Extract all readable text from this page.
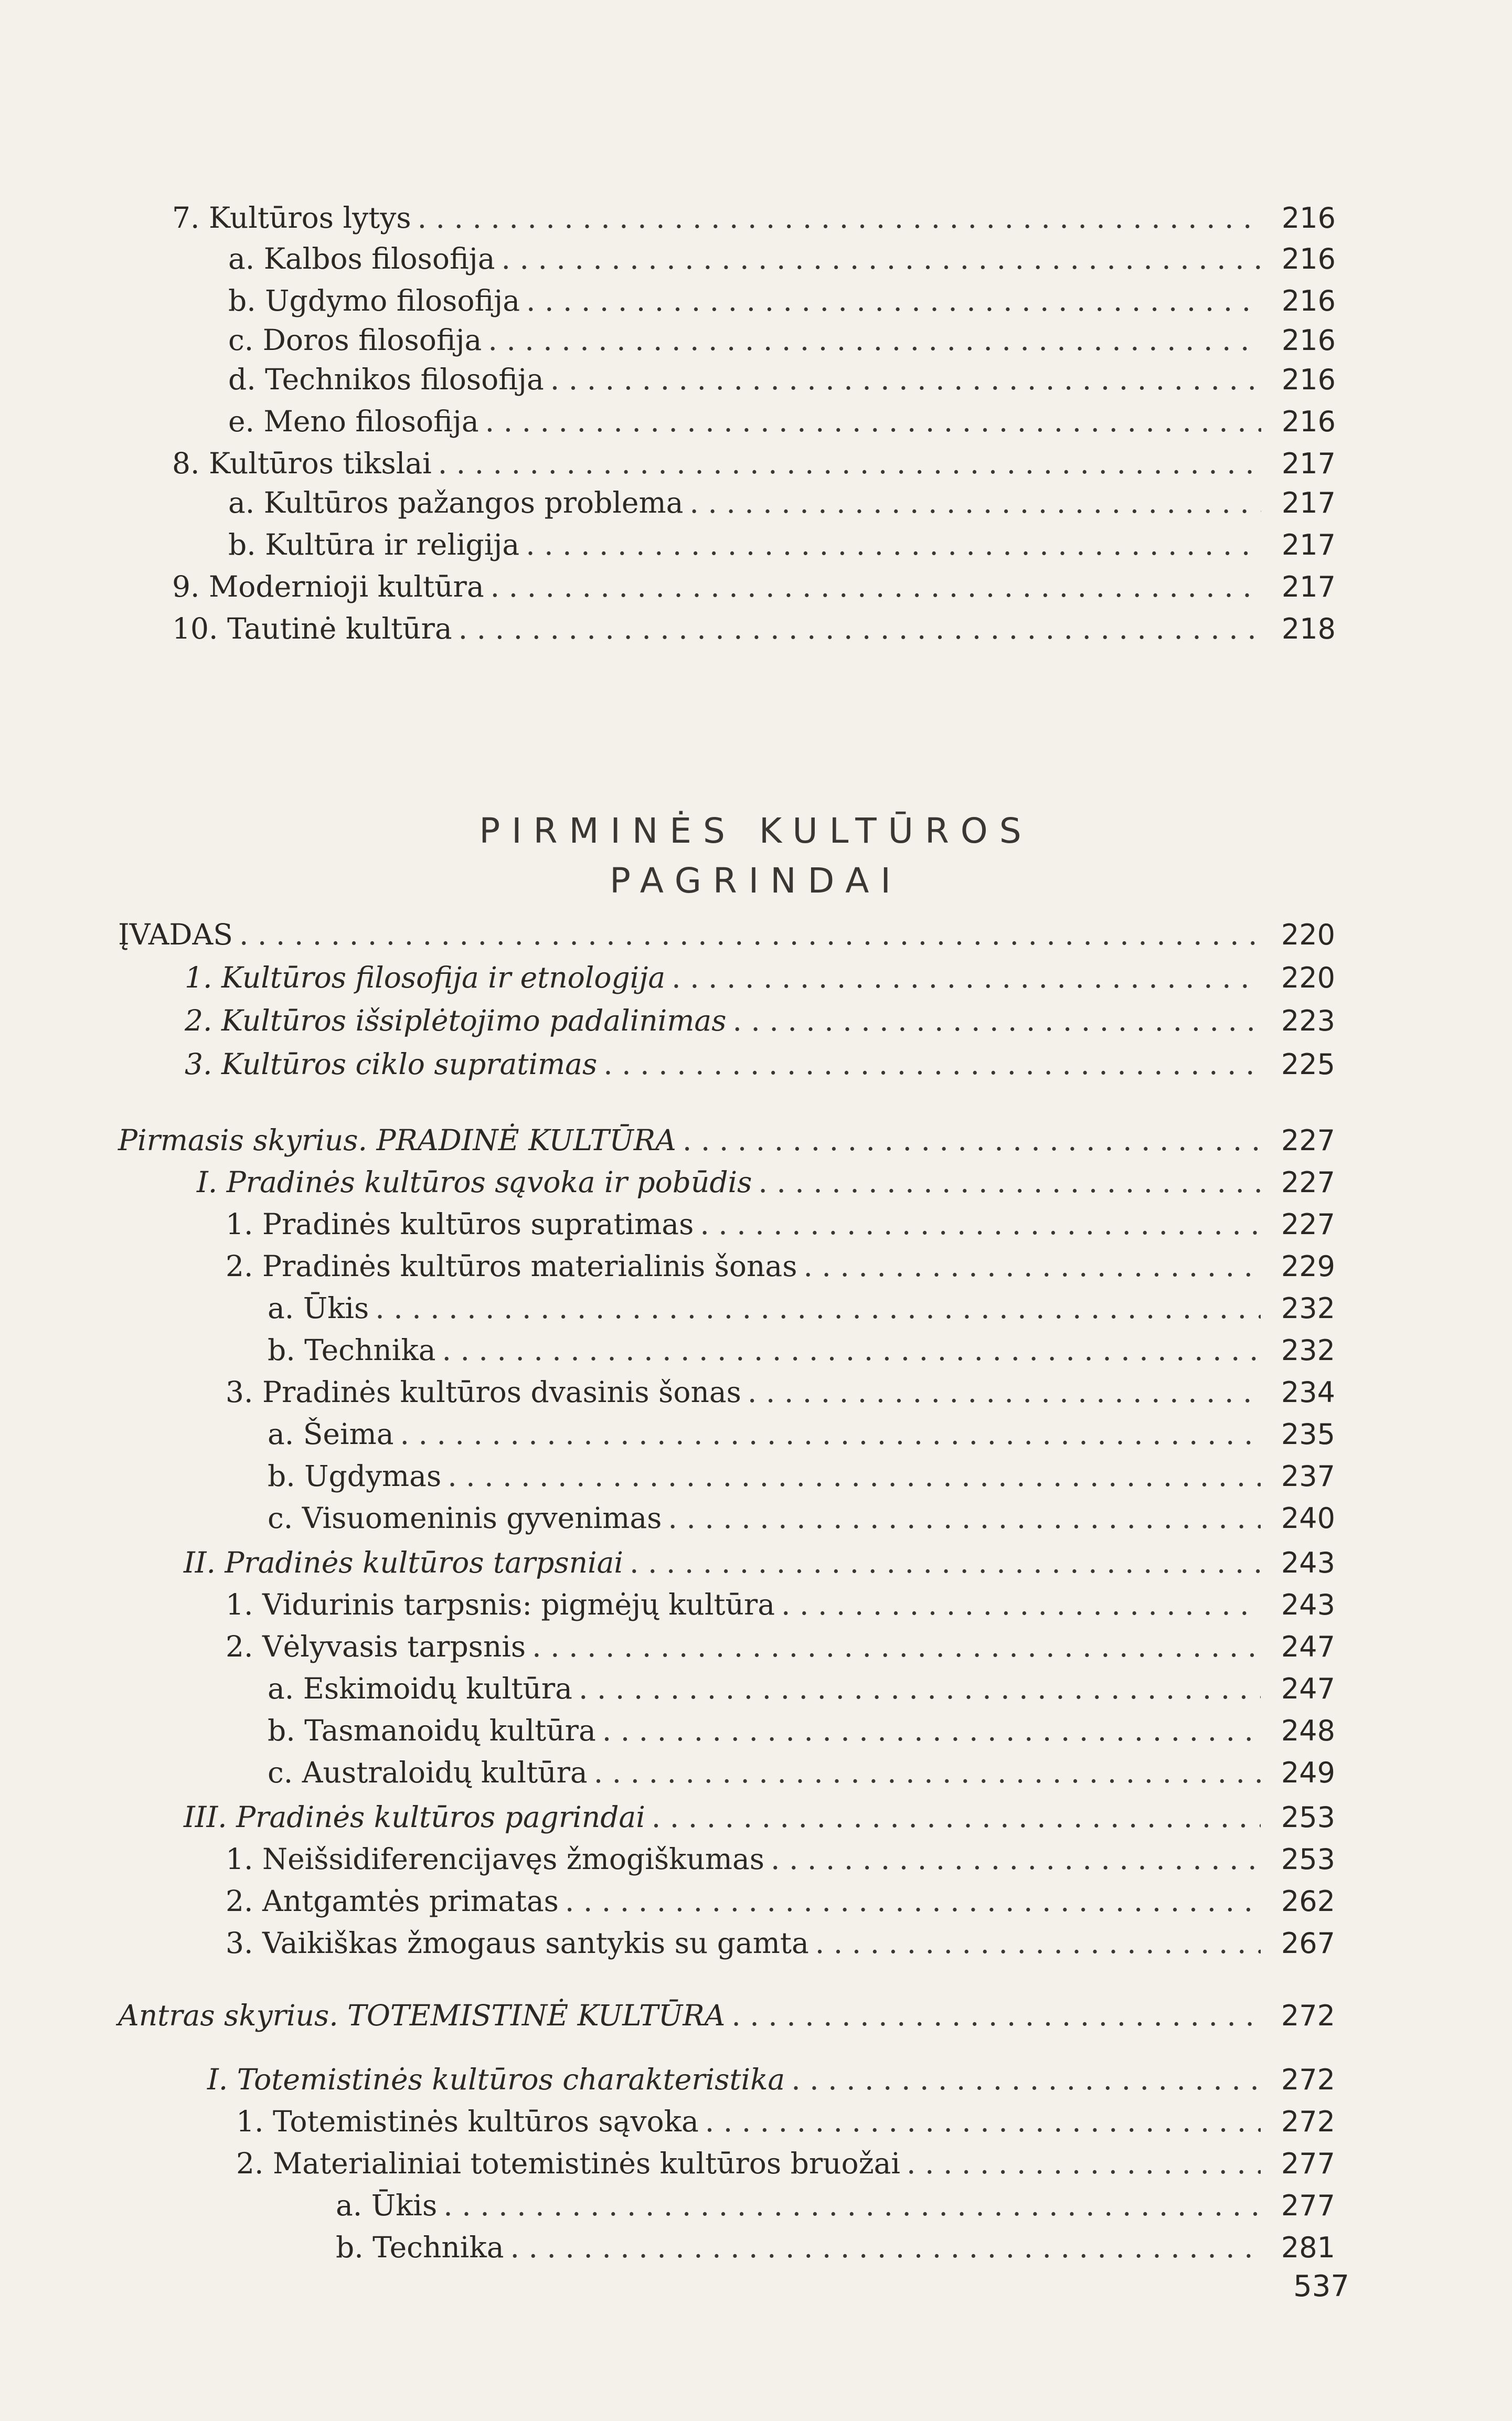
7. Kultūros lytys . . .	216
a. Kalbos filosofija . . .	216
b. Ugdymo filosofija . . .	216
c. Doros filosofija . . .	216
d. Technikos filosofija . . .	216
e. Meno filosofija . . .	216
8. Kultūros tikslai . . .	217
a. Kultūros pažangos problema . . .	217
b. Kultūra ir religija . . .	217
9. Modernioji kultūra . . .	217
10. Tautinė kultūra . . .	218
PIRMINĖS KULTŪROS
PAGRINDAI
ĮVADAS . . .	220
1. Kultūros filosofija ir etnologija . . .	220
2. Kultūros išsiplėtojimo padalinimas . . .	223
3. Kultūros ciklo supratimas . . .	225
Pirmasis skyrius. PRADINĖ KULTŪRA . . .	227
I. Pradinės kultūros sąvoka ir pobūdis . . .	227
1. Pradinės kultūros supratimas . . .	227
2. Pradinės kultūros materialinis šonas . . .	229
a. Ūkis . . .	232
b. Technika . . .	232
3. Pradinės kultūros dvasinis šonas . . .	234
a. Šeima . . .	235
b. Ugdymas . . .	237
c. Visuomeninis gyvenimas . . .	240
II. Pradinės kultūros tarpsniai . . .	243
1. Vidurinis tarpsnis: pigmėjų kultūra . . .	243
2. Vėlyvasis tarpsnis . . .	247
a. Eskimoidų kultūra . . .	247
b. Tasmanoidų kultūra . . .	248
c. Australoidų kultūra . . .	249
III. Pradinės kultūros pagrindai . . .	253
1. Neišsidiferencijavęs žmogiškumas . . .	253
2. Antgamtės primatas . . .	262
3. Vaikiškas žmogaus santykis su gamta . . .	267
Antras skyrius. TOTEMISTINĖ KULTŪRA . . .	272
I. Totemistinės kultūros charakteristika . . .	272
1. Totemistinės kultūros sąvoka . . .	272
2. Materialiniai totemistinės kultūros bruožai . . .	277
a. Ūkis . . .	277
b. Technika . . .	281
537
